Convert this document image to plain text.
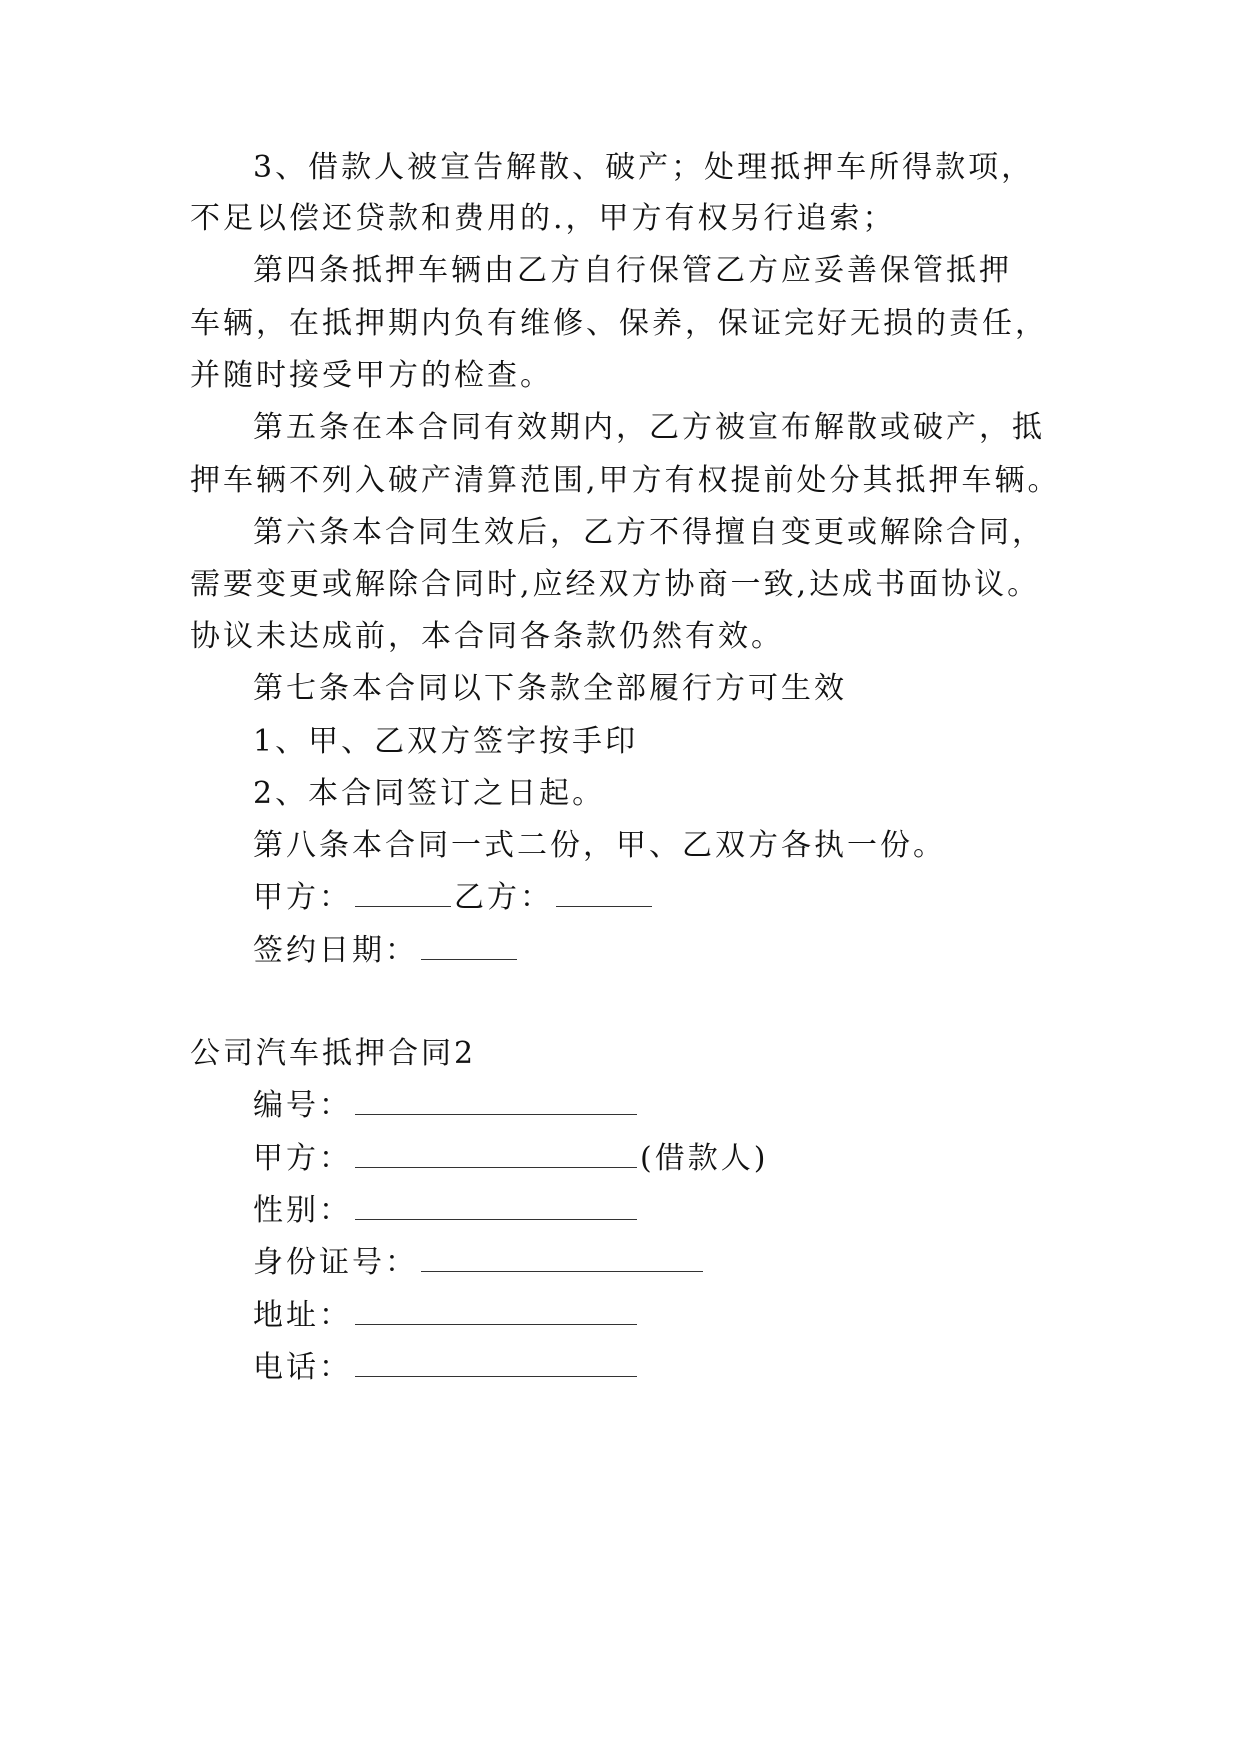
3、借款人被宣告解散、破产；处理抵押车所得款项，
不足以偿还贷款和费用的.，甲方有权另行追索；
第四条抵押车辆由乙方自行保管乙方应妥善保管抵押
车辆，在抵押期内负有维修、保养，保证完好无损的责任，
并随时接受甲方的检查。
第五条在本合同有效期内，乙方被宣布解散或破产，抵
押车辆不列入破产清算范围,甲方有权提前处分其抵押车辆。
第六条本合同生效后，乙方不得擅自变更或解除合同，
需要变更或解除合同时,应经双方协商一致,达成书面协议。
协议未达成前，本合同各条款仍然有效。
第七条本合同以下条款全部履行方可生效
1、甲、乙双方签字按手印
2、本合同签订之日起。
第八条本合同一式二份，甲、乙双方各执一份。
甲方：	乙方：
签约日期：
公司汽车抵押合同2
编号：
甲方：	(借款人)
性别：
身份证号：
地址：
电话：
